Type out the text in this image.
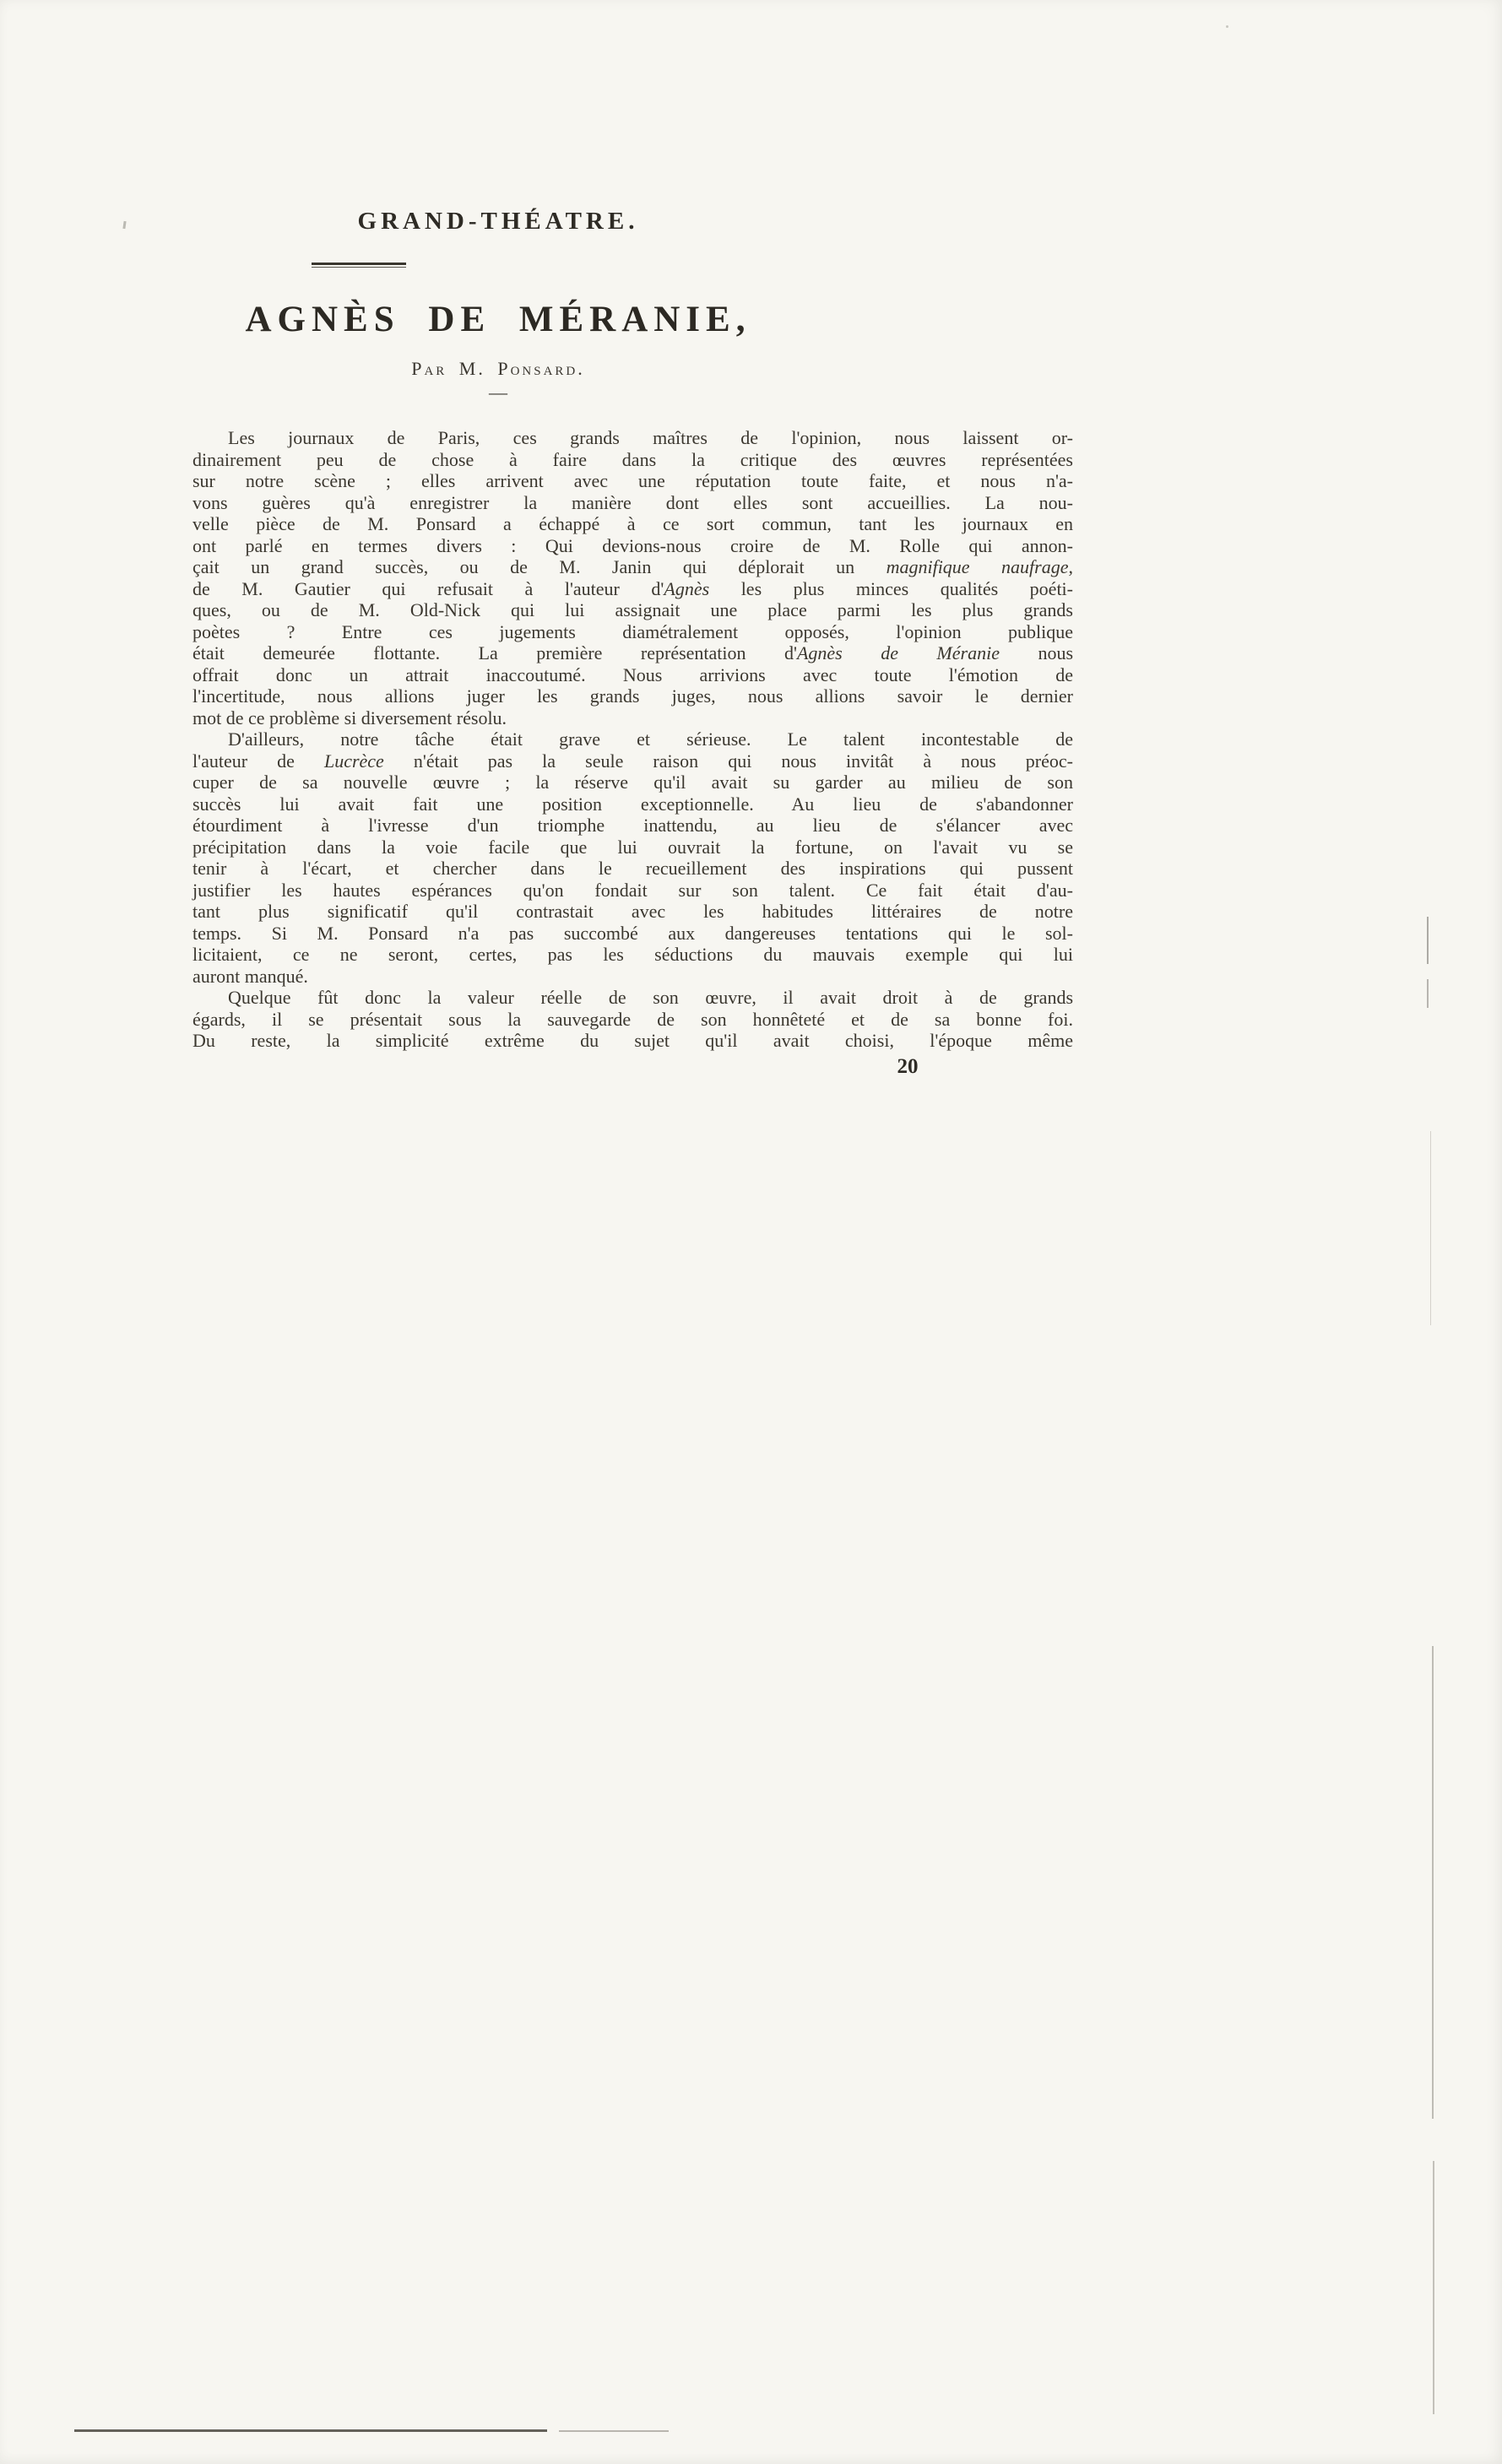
GRAND-THÉATRE.
AGNÈS DE MÉRANIE,
Par M. Ponsard.
—
Les journaux de Paris, ces grands maîtres de l'opinion, nous laissent or-
dinairement peu de chose à faire dans la critique des œuvres représentées
sur notre scène ; elles arrivent avec une réputation toute faite, et nous n'a-
vons guères qu'à enregistrer la manière dont elles sont accueillies. La nou-
velle pièce de M. Ponsard a échappé à ce sort commun, tant les journaux en
ont parlé en termes divers : Qui devions-nous croire de M. Rolle qui annon-
çait un grand succès, ou de M. Janin qui déplorait un magnifique naufrage,
de M. Gautier qui refusait à l'auteur d'Agnès les plus minces qualités poéti-
ques, ou de M. Old-Nick qui lui assignait une place parmi les plus grands
poètes ? Entre ces jugements diamétralement opposés, l'opinion publique
était demeurée flottante. La première représentation d'Agnès de Méranie nous
offrait donc un attrait inaccoutumé. Nous arrivions avec toute l'émotion de
l'incertitude, nous allions juger les grands juges, nous allions savoir le dernier
mot de ce problème si diversement résolu.
D'ailleurs, notre tâche était grave et sérieuse. Le talent incontestable de
l'auteur de Lucrèce n'était pas la seule raison qui nous invitât à nous préoc-
cuper de sa nouvelle œuvre ; la réserve qu'il avait su garder au milieu de son
succès lui avait fait une position exceptionnelle. Au lieu de s'abandonner
étourdiment à l'ivresse d'un triomphe inattendu, au lieu de s'élancer avec
précipitation dans la voie facile que lui ouvrait la fortune, on l'avait vu se
tenir à l'écart, et chercher dans le recueillement des inspirations qui pussent
justifier les hautes espérances qu'on fondait sur son talent. Ce fait était d'au-
tant plus significatif qu'il contrastait avec les habitudes littéraires de notre
temps. Si M. Ponsard n'a pas succombé aux dangereuses tentations qui le sol-
licitaient, ce ne seront, certes, pas les séductions du mauvais exemple qui lui
auront manqué.
Quelque fût donc la valeur réelle de son œuvre, il avait droit à de grands
égards, il se présentait sous la sauvegarde de son honnêteté et de sa bonne foi.
Du reste, la simplicité extrême du sujet qu'il avait choisi, l'époque même
20
